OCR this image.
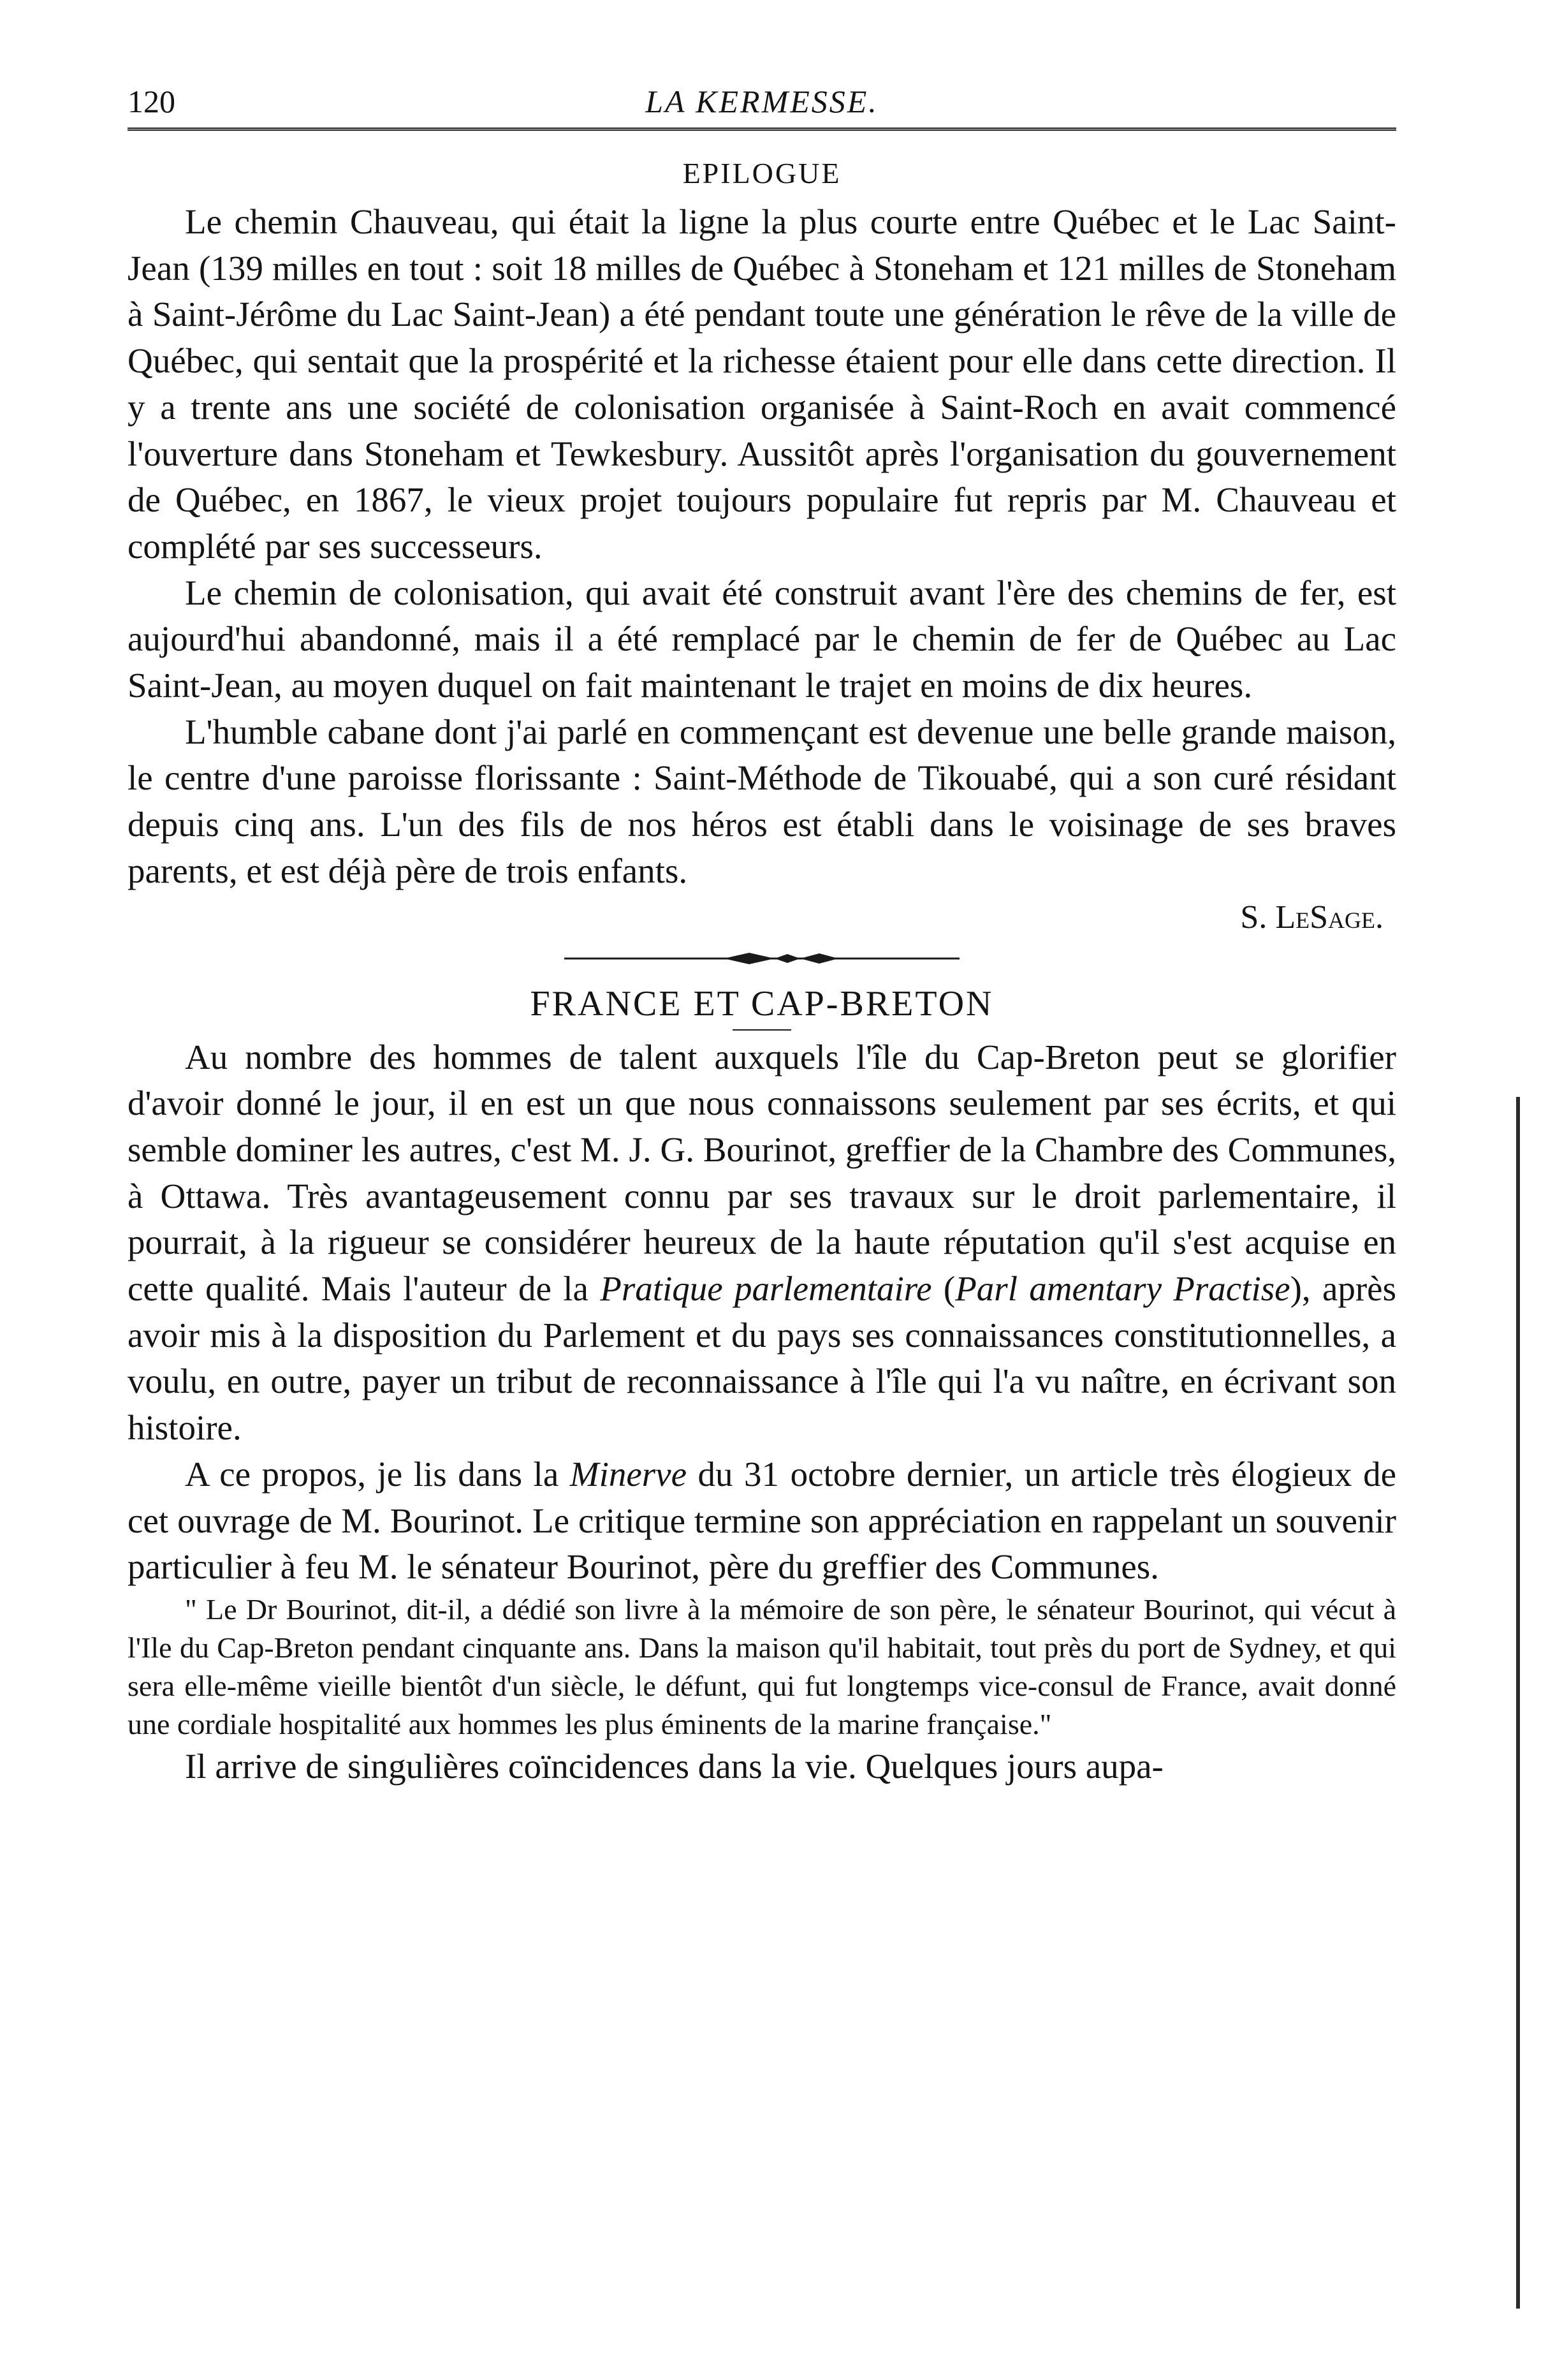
120	LA KERMESSE.
EPILOGUE

Le chemin Chauveau, qui était la ligne la plus courte entre Québec et le Lac Saint-Jean (139 milles en tout : soit 18 milles de Québec à Stoneham et 121 milles de Stoneham à Saint-Jérôme du Lac Saint-Jean) a été pendant toute une génération le rêve de la ville de Québec, qui sentait que la prospérité et la richesse étaient pour elle dans cette direction. Il y a trente ans une société de colonisation organisée à Saint-Roch en avait commencé l'ouverture dans Stoneham et Tewkesbury. Aussitôt après l'organisation du gouvernement de Québec, en 1867, le vieux projet toujours populaire fut repris par M. Chauveau et complété par ses successeurs.

Le chemin de colonisation, qui avait été construit avant l'ère des chemins de fer, est aujourd'hui abandonné, mais il a été remplacé par le chemin de fer de Québec au Lac Saint-Jean, au moyen duquel on fait maintenant le trajet en moins de dix heures.

L'humble cabane dont j'ai parlé en commençant est devenue une belle grande maison, le centre d'une paroisse florissante : Saint-Méthode de Tikouabé, qui a son curé résidant depuis cinq ans. L'un des fils de nos héros est établi dans le voisinage de ses braves parents, et est déjà père de trois enfants.

S. LeSage.
FRANCE ET CAP-BRETON

Au nombre des hommes de talent auxquels l'île du Cap-Breton peut se glorifier d'avoir donné le jour, il en est un que nous connaissons seulement par ses écrits, et qui semble dominer les autres, c'est M. J. G. Bourinot, greffier de la Chambre des Communes, à Ottawa. Très avantageusement connu par ses travaux sur le droit parlementaire, il pourrait, à la rigueur se considérer heureux de la haute réputation qu'il s'est acquise en cette qualité. Mais l'auteur de la Pratique parlementaire (Parl amentary Practise), après avoir mis à la disposition du Parlement et du pays ses connaissances constitutionnelles, a voulu, en outre, payer un tribut de reconnaissance à l'île qui l'a vu naître, en écrivant son histoire.

A ce propos, je lis dans la Minerve du 31 octobre dernier, un article très élogieux de cet ouvrage de M. Bourinot. Le critique termine son appréciation en rappelant un souvenir particulier à feu M. le sénateur Bourinot, père du greffier des Communes.

" Le Dr Bourinot, dit-il, a dédié son livre à la mémoire de son père, le sénateur Bourinot, qui vécut à l'Ile du Cap-Breton pendant cinquante ans. Dans la maison qu'il habitait, tout près du port de Sydney, et qui sera elle-même vieille bientôt d'un siècle, le défunt, qui fut longtemps vice-consul de France, avait donné une cordiale hospitalité aux hommes les plus éminents de la marine française."

Il arrive de singulières coïncidences dans la vie. Quelques jours aupa-
